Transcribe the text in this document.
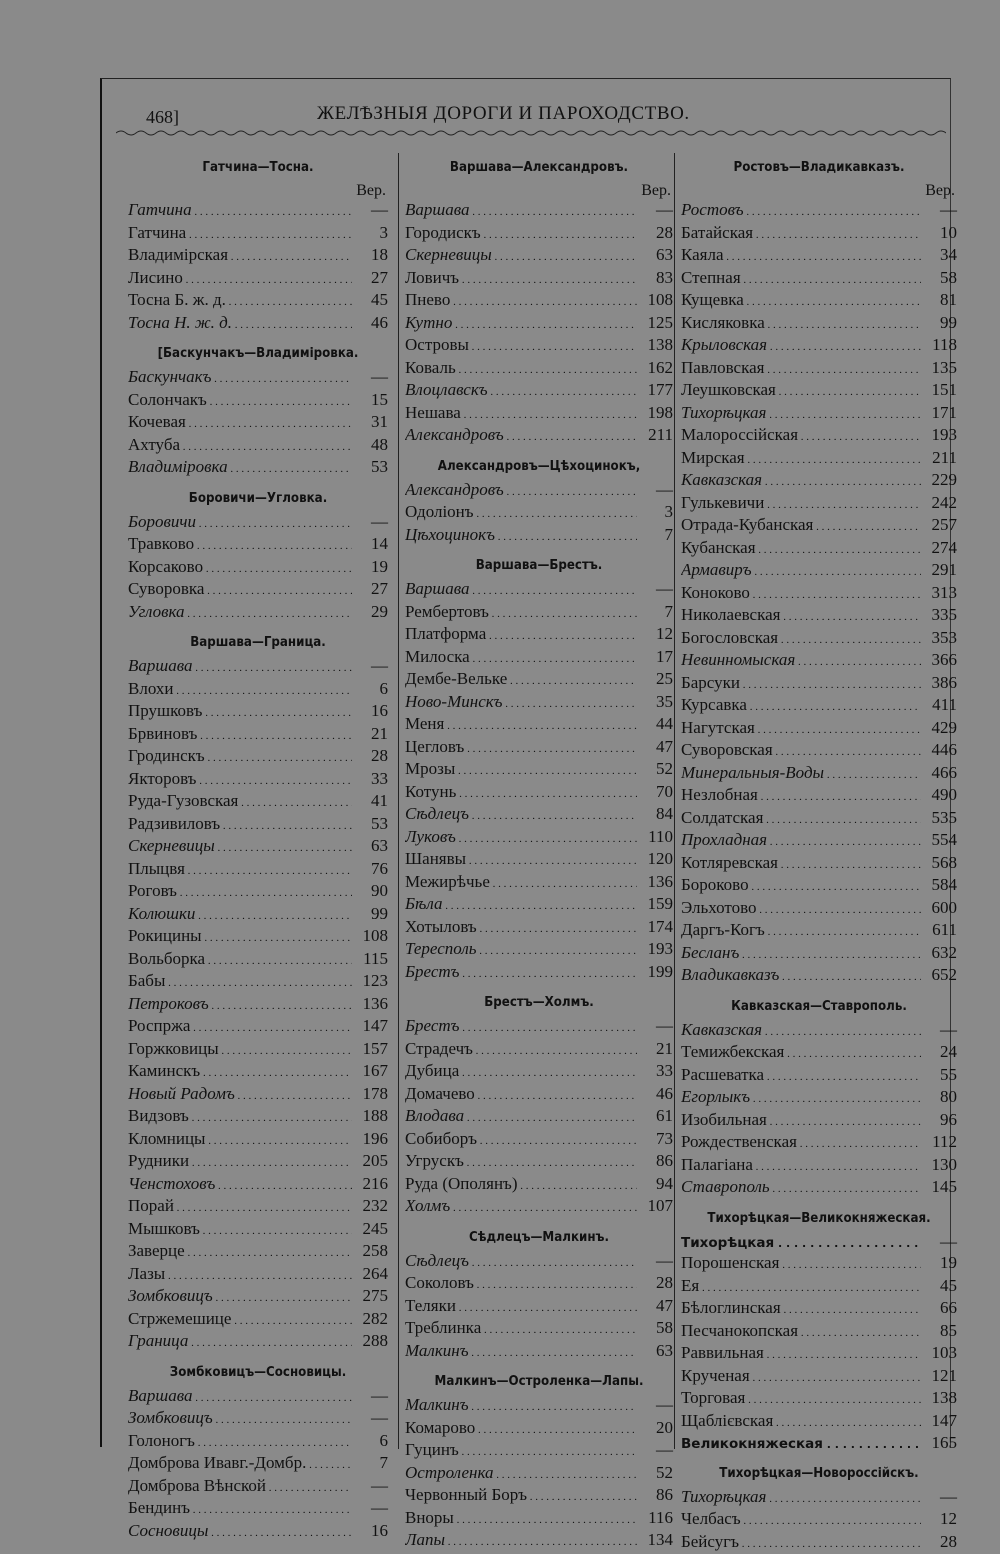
468]	ЖЕЛѢЗНЫЯ ДОРОГИ И ПАРОХОДСТВО.
Гатчина—Тосна.
Вер.
Гатчина . . .	—
Гатчина . . .	3
Владимірская . . .	18
Лисино . . .	27
Тосна Б. ж. д. . . .	45
Тосна Н. ж. д. . . .	46
[Баскунчакъ—Владиміровка.
Баскунчакъ . . .	—
Солончакъ . . .	15
Кочевая . . .	31
Ахтуба . . .	48
Владиміровка . . .	53
Боровичи—Угловка.
Боровичи . . .	—
Травково . . .	14
Корсаково . . .	19
Суворовка . . .	27
Угловка . . .	29
Варшава—Граница.
Варшава . . .	—
Влохи . . .	6
Прушковъ . . .	16
Брвиновъ . . .	21
Гродинскъ . . .	28
Якторовъ . . .	33
Руда-Гузовская . . .	41
Радзивиловъ . . .	53
Скерневицы . . .	63
Плыцвя . . .	76
Роговъ . . .	90
Колюшки . . .	99
Рокицины . . .	108
Вольборка . . .	115
Бабы . . .	123
Петроковъ . . .	136
Роспржа . . .	147
Горжковицы . . .	157
Каминскъ . . .	167
Новый Радомъ . . .	178
Видзовъ . . .	188
Кломницы . . .	196
Рудники . . .	205
Ченстоховъ . . .	216
Порай . . .	232
Мышковъ . . .	245
Заверце . . .	258
Лазы . . .	264
Зомбковицъ . . .	275
Стржемешице . . .	282
Граница . . .	288
Зомбковицъ—Сосновицы.
Варшава . . .	—
Зомбковицъ . . .	—
Голоногъ . . .	6
Домброва Ивавг.-Домбр. . . .	7
Домброва Вѣнской . . .	—
Бендинъ . . .	—
Сосновицы . . .	16
Варшава—Александровъ.
Вер.
Варшава . . .	—
Городискъ . . .	28
Скерневицы . . .	63
Ловичъ . . .	83
Пнево . . .	108
Кутно . . .	125
Островы . . .	138
Коваль . . .	162
Влоцлавскъ . . .	177
Нешава . . .	198
Александровъ . . .	211
Александровъ—Цѣхоцинокъ,
Александровъ . . .	—
Одоліонъ . . .	3
Цѣхоцинокъ . . .	7
Варшава—Брестъ.
Варшава . . .	—
Рембертовъ . . .	7
Платформа . . .	12
Милоска . . .	17
Дембе-Вельке . . .	25
Ново-Минскъ . . .	35
Меня . . .	44
Цегловъ . . .	47
Мрозы . . .	52
Котунь . . .	70
Сѣдлецъ . . .	84
Луковъ . . .	110
Шанявы . . .	120
Межирѣчье . . .	136
Бѣла . . .	159
Хотыловъ . . .	174
Тересполь . . .	193
Брестъ . . .	199
Брестъ—Холмъ.
Брестъ . . .	—
Страдечъ . . .	21
Дубица . . .	33
Домачево . . .	46
Влодава . . .	61
Собиборъ . . .	73
Угрускъ . . .	86
Руда (Ополянъ) . . .	94
Холмъ . . .	107
Сѣдлецъ—Малкинъ.
Сѣдлецъ . . .	—
Соколовъ . . .	28
Теляки . . .	47
Треблинка . . .	58
Малкинъ . . .	63
Малкинъ—Остроленка—Лапы.
Малкинъ . . .	—
Комарово . . .	20
Гуцинъ . . .	—
Остроленка . . .	52
Червонный Боръ . . .	86
Вноры . . .	116
Лапы . . .	134
Ростовъ—Владикавказъ.
Вер.
Ростовъ . . .	—
Батайская . . .	10
Каяла . . .	34
Степная . . .	58
Кущевка . . .	81
Кисляковка . . .	99
Крыловская . . .	118
Павловская . . .	135
Леушковская . . .	151
Тихорѣцкая . . .	171
Малороссійская . . .	193
Мирская . . .	211
Кавказская . . .	229
Гулькевичи . . .	242
Отрада-Кубанская . . .	257
Кубанская . . .	274
Армавиръ . . .	291
Коноково . . .	313
Николаевская . . .	335
Богословская . . .	353
Невинномыская . . .	366
Барсуки . . .	386
Курсавка . . .	411
Нагутская . . .	429
Суворовская . . .	446
Минеральныя-Воды . . .	466
Незлобная . . .	490
Солдатская . . .	535
Прохладная . . .	554
Котляревская . . .	568
Бороково . . .	584
Эльхотово . . .	600
Даргъ-Когъ . . .	611
Бесланъ . . .	632
Владикавказъ . . .	652
Кавказская—Ставрополь.
Кавказская . . .	—
Темижбекская . . .	24
Расшеватка . . .	55
Егорлыкъ . . .	80
Изобильная . . .	96
Рождественская . . .	112
Палагіана . . .	130
Ставрополь . . .	145
Тихорѣцкая—Великокняжеская.
Тихорѣцкая . . .	—
Порошенская . . .	19
Ея . . .	45
Бѣлоглинская . . .	66
Песчанокопская . . .	85
Раввильная . . .	103
Крученая . . .	121
Торговая . . .	138
Щаблієвская . . .	147
Великокняжеская . . .	165
Тихорѣцкая—Новороссійскъ.
Тихорѣцкая . . .	—
Челбасъ . . .	12
Бейсугъ . . .	28
